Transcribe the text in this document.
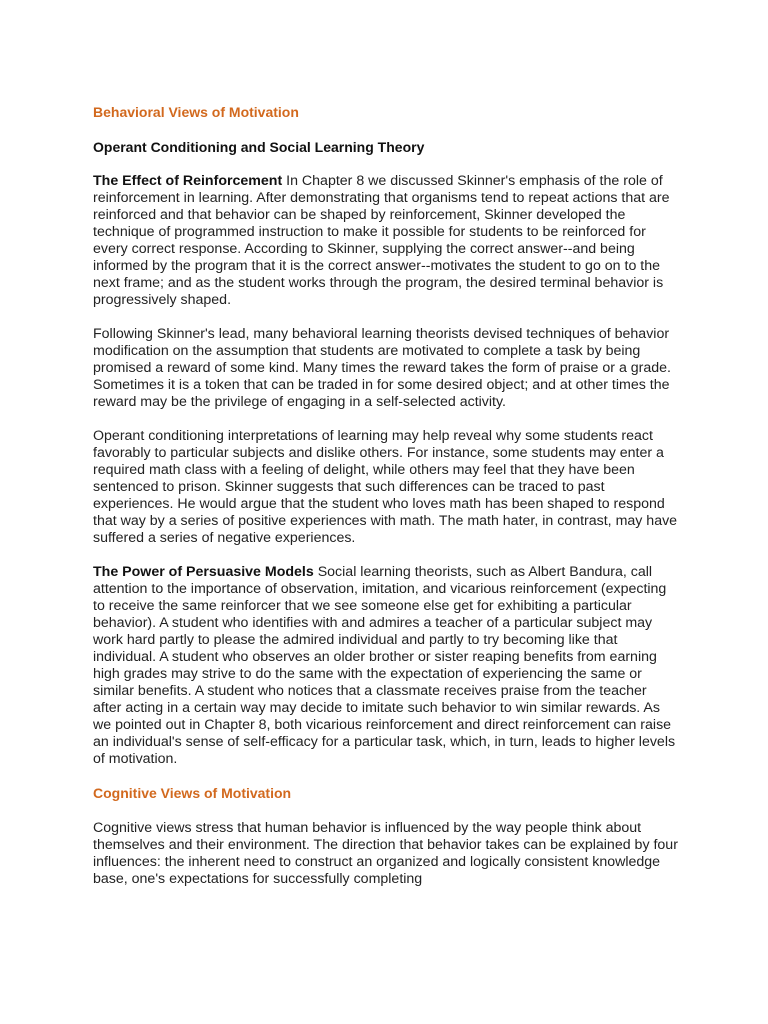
Behavioral Views of Motivation
Operant Conditioning and Social Learning Theory

The Effect of Reinforcement In Chapter 8 we discussed Skinner's emphasis of the role of reinforcement in learning. After demonstrating that organisms tend to repeat actions that are reinforced and that behavior can be shaped by reinforcement, Skinner developed the technique of programmed instruction to make it possible for students to be reinforced for every correct response. According to Skinner, supplying the correct answer--and being informed by the program that it is the correct answer--motivates the student to go on to the next frame; and as the student works through the program, the desired terminal behavior is progressively shaped.

Following Skinner's lead, many behavioral learning theorists devised techniques of behavior modification on the assumption that students are motivated to complete a task by being promised a reward of some kind. Many times the reward takes the form of praise or a grade. Sometimes it is a token that can be traded in for some desired object; and at other times the reward may be the privilege of engaging in a self-selected activity.

Operant conditioning interpretations of learning may help reveal why some students react favorably to particular subjects and dislike others. For instance, some students may enter a required math class with a feeling of delight, while others may feel that they have been sentenced to prison. Skinner suggests that such differences can be traced to past experiences. He would argue that the student who loves math has been shaped to respond that way by a series of positive experiences with math. The math hater, in contrast, may have suffered a series of negative experiences.

The Power of Persuasive Models Social learning theorists, such as Albert Bandura, call attention to the importance of observation, imitation, and vicarious reinforcement (expecting to receive the same reinforcer that we see someone else get for exhibiting a particular behavior). A student who identifies with and admires a teacher of a particular subject may work hard partly to please the admired individual and partly to try becoming like that individual. A student who observes an older brother or sister reaping benefits from earning high grades may strive to do the same with the expectation of experiencing the same or similar benefits. A student who notices that a classmate receives praise from the teacher after acting in a certain way may decide to imitate such behavior to win similar rewards. As we pointed out in Chapter 8, both vicarious reinforcement and direct reinforcement can raise an individual's sense of self-efficacy for a particular task, which, in turn, leads to higher levels of motivation.

Cognitive Views of Motivation

Cognitive views stress that human behavior is influenced by the way people think about themselves and their environment. The direction that behavior takes can be explained by four influences: the inherent need to construct an organized and logically consistent knowledge base, one's expectations for successfully completing
